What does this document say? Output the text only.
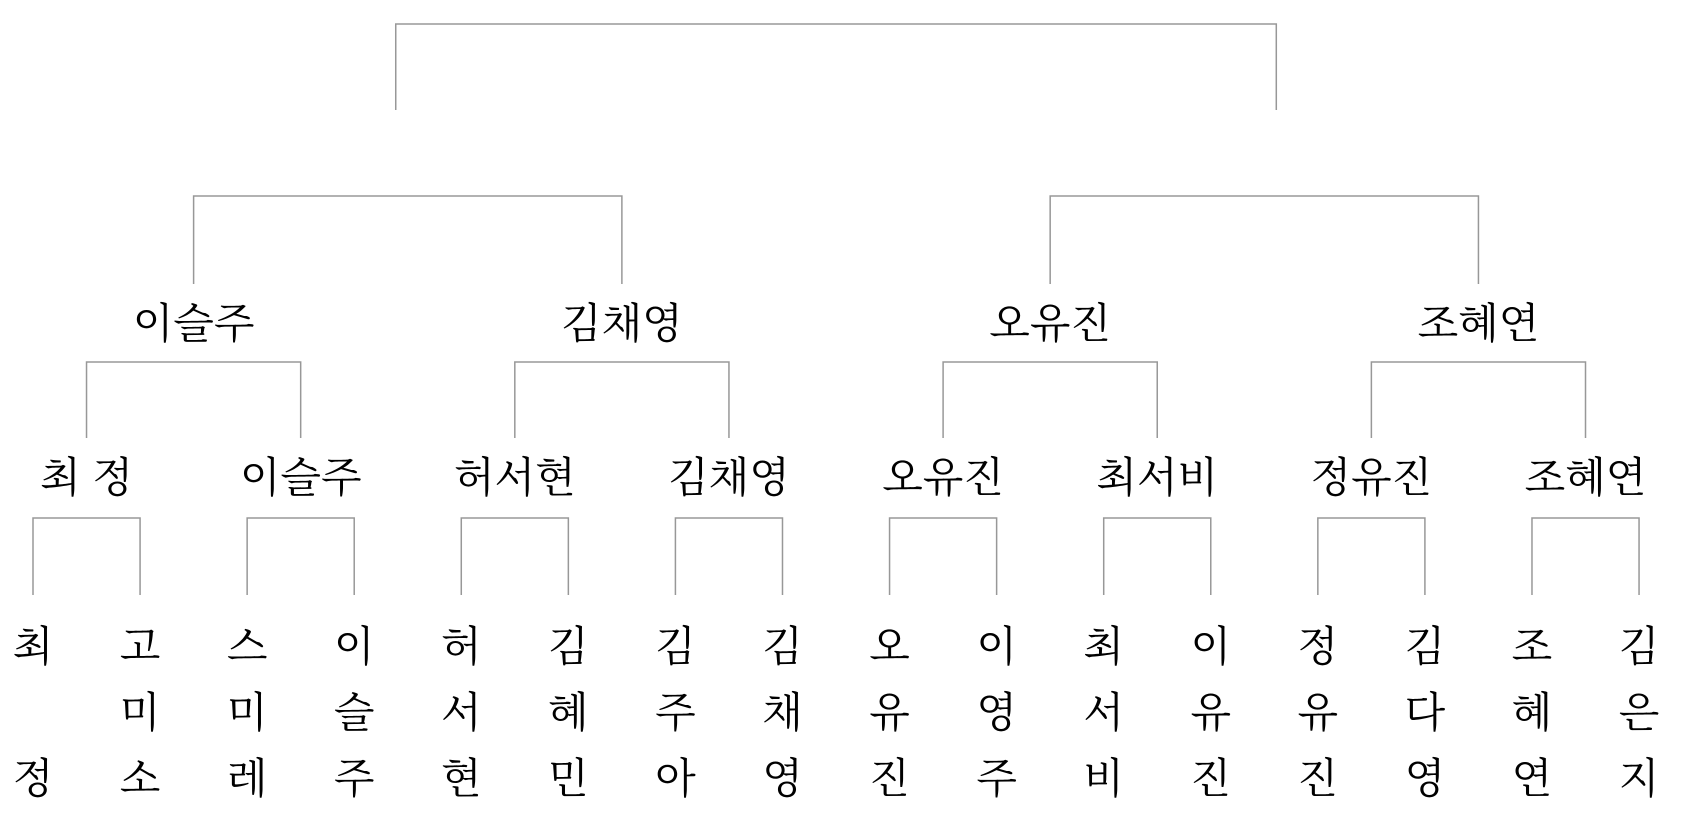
이슬주	김채영	오유진	조혜연
최 정	이슬주	허서현	김채영	오유진	최서비	정유진	조혜연
최

정
고
미
소
스
미
레
이
슬
주
허
서
현
김
혜
민
김
주
아
김
채
영
오
유
진
이
영
주
최
서
비
이
유
진
정
유
진
김
다
영
조
혜
연
김
은
지
